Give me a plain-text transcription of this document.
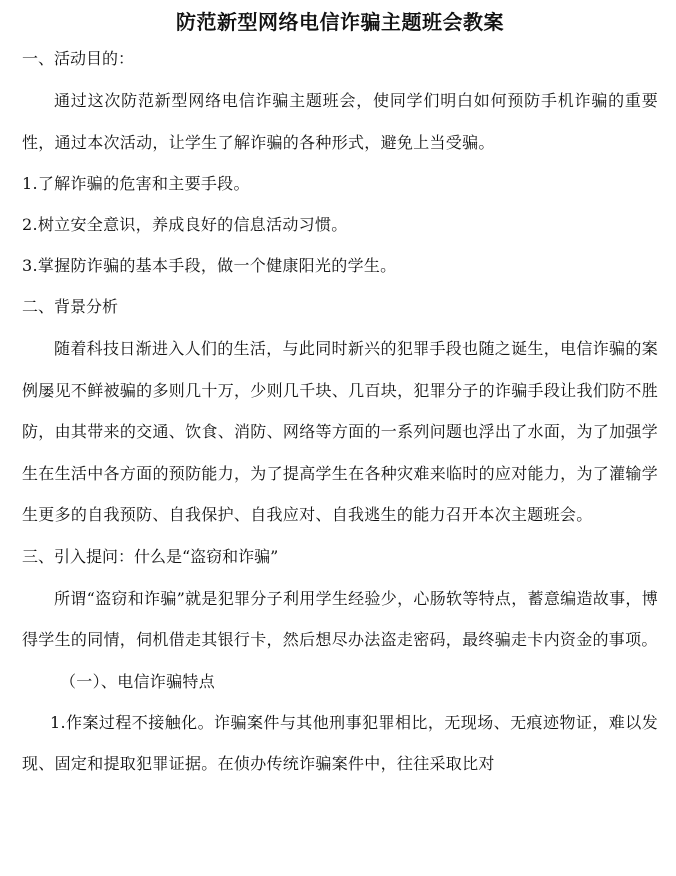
防范新型网络电信诈骗主题班会教案
一、活动目的：

通过这次防范新型网络电信诈骗主题班会，使同学们明白如何预防手机诈骗的重要性，通过本次活动，让学生了解诈骗的各种形式，避免上当受骗。

1.了解诈骗的危害和主要手段。
2.树立安全意识，养成良好的信息活动习惯。
3.掌握防诈骗的基本手段，做一个健康阳光的学生。
二、背景分析

随着科技日渐进入人们的生活，与此同时新兴的犯罪手段也随之诞生，电信诈骗的案例屡见不鲜被骗的多则几十万，少则几千块、几百块，犯罪分子的诈骗手段让我们防不胜防，由其带来的交通、饮食、消防、网络等方面的一系列问题也浮出了水面，为了加强学生在生活中各方面的预防能力，为了提高学生在各种灾难来临时的应对能力，为了灌输学生更多的自我预防、自我保护、自我应对、自我逃生的能力召开本次主题班会。

三、引入提问：什么是“盗窃和诈骗”

所谓“盗窃和诈骗”就是犯罪分子利用学生经验少，心肠软等特点，蓄意编造故事，博得学生的同情，伺机借走其银行卡，然后想尽办法盗走密码，最终骗走卡内资金的事项。

（一）、电信诈骗特点

1.作案过程不接触化。诈骗案件与其他刑事犯罪相比，无现场、无痕迹物证，难以发现、固定和提取犯罪证据。在侦办传统诈骗案件中，往往采取比对
